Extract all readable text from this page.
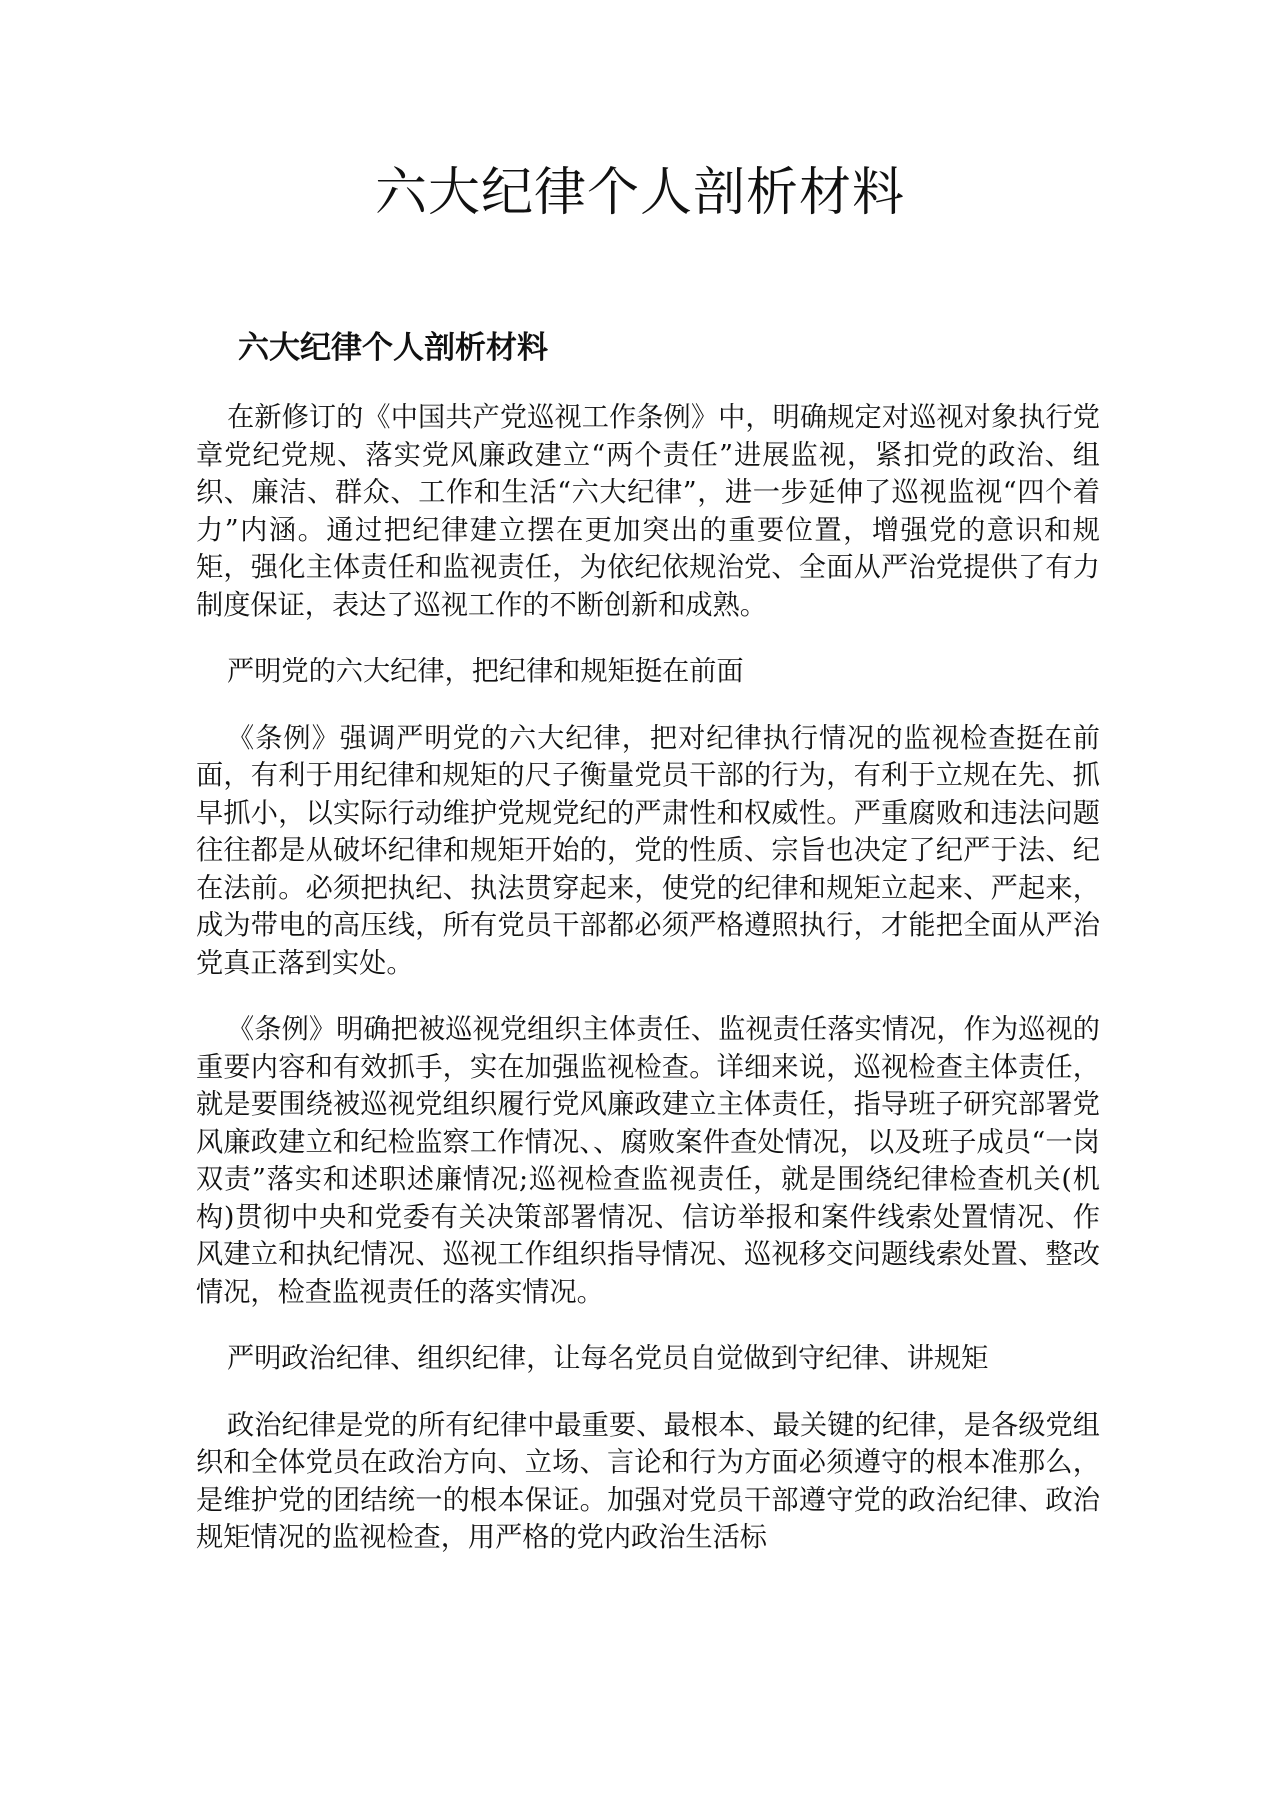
六大纪律个人剖析材料
六大纪律个人剖析材料

在新修订的《中国共产党巡视工作条例》中，明确规定对巡视对象执行党章党纪党规、落实党风廉政建立“两个责任”进展监视，紧扣党的政治、组织、廉洁、群众、工作和生活“六大纪律”，进一步延伸了巡视监视“四个着力”内涵。通过把纪律建立摆在更加突出的重要位置，增强党的意识和规矩，强化主体责任和监视责任，为依纪依规治党、全面从严治党提供了有力制度保证，表达了巡视工作的不断创新和成熟。

严明党的六大纪律，把纪律和规矩挺在前面

《条例》强调严明党的六大纪律，把对纪律执行情况的监视检查挺在前面，有利于用纪律和规矩的尺子衡量党员干部的行为，有利于立规在先、抓早抓小，以实际行动维护党规党纪的严肃性和权威性。严重腐败和违法问题往往都是从破坏纪律和规矩开始的，党的性质、宗旨也决定了纪严于法、纪在法前。必须把执纪、执法贯穿起来，使党的纪律和规矩立起来、严起来，成为带电的高压线，所有党员干部都必须严格遵照执行，才能把全面从严治党真正落到实处。

《条例》明确把被巡视党组织主体责任、监视责任落实情况，作为巡视的重要内容和有效抓手，实在加强监视检查。详细来说，巡视检查主体责任，就是要围绕被巡视党组织履行党风廉政建立主体责任，指导班子研究部署党风廉政建立和纪检监察工作情况、、腐败案件查处情况，以及班子成员“一岗双责”落实和述职述廉情况;巡视检查监视责任，就是围绕纪律检查机关(机构)贯彻中央和党委有关决策部署情况、信访举报和案件线索处置情况、作风建立和执纪情况、巡视工作组织指导情况、巡视移交问题线索处置、整改情况，检查监视责任的落实情况。

严明政治纪律、组织纪律，让每名党员自觉做到守纪律、讲规矩

政治纪律是党的所有纪律中最重要、最根本、最关键的纪律，是各级党组织和全体党员在政治方向、立场、言论和行为方面必须遵守的根本准那么，是维护党的团结统一的根本保证。加强对党员干部遵守党的政治纪律、政治规矩情况的监视检查，用严格的党内政治生活标
